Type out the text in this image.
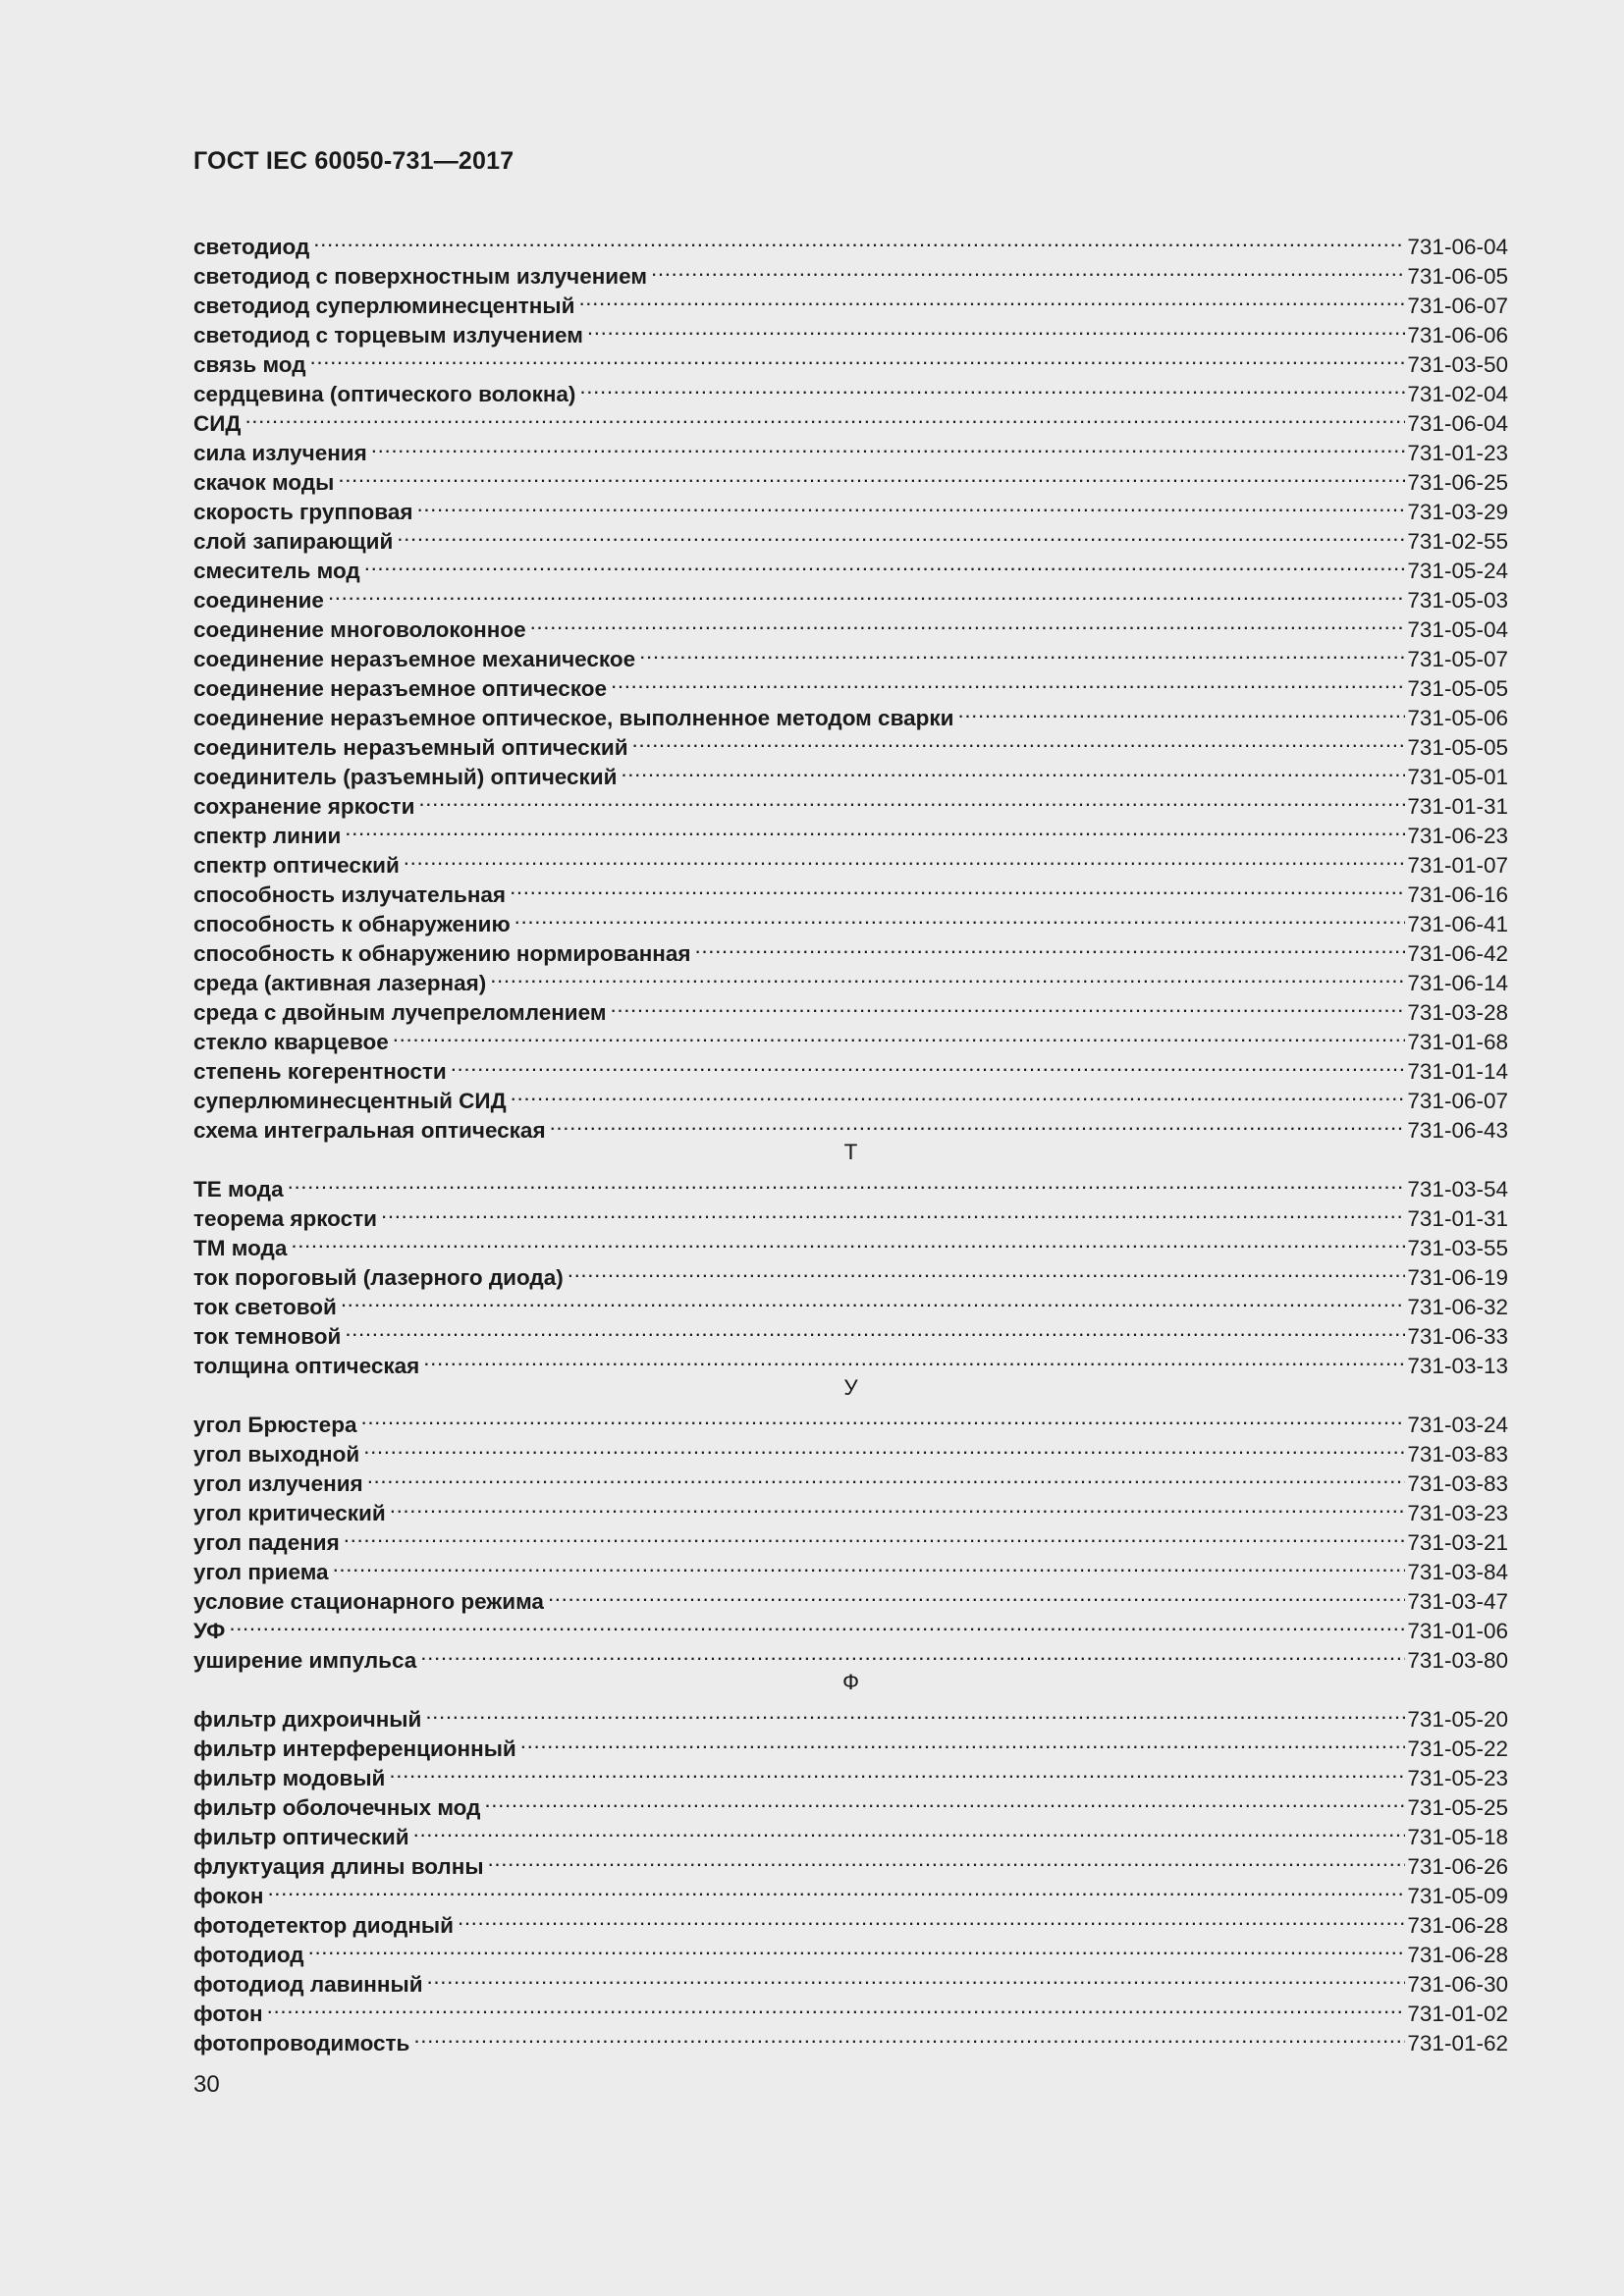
ГОСТ IEC 60050-731—2017
светодиод .....	731-06-04
светодиод с поверхностным излучением .....	731-06-05
светодиод суперлюминесцентный .....	731-06-07
светодиод с торцевым излучением .....	731-06-06
связь мод .....	731-03-50
сердцевина (оптического волокна) .....	731-02-04
СИД .....	731-06-04
сила излучения .....	731-01-23
скачок моды .....	731-06-25
скорость групповая .....	731-03-29
слой запирающий .....	731-02-55
смеситель мод .....	731-05-24
соединение .....	731-05-03
соединение многоволоконное .....	731-05-04
соединение неразъемное механическое .....	731-05-07
соединение неразъемное оптическое .....	731-05-05
соединение неразъемное оптическое, выполненное методом сварки .....	731-05-06
соединитель неразъемный оптический .....	731-05-05
соединитель (разъемный) оптический .....	731-05-01
сохранение яркости .....	731-01-31
спектр линии .....	731-06-23
спектр оптический .....	731-01-07
способность излучательная .....	731-06-16
способность к обнаружению .....	731-06-41
способность к обнаружению нормированная .....	731-06-42
среда (активная лазерная) .....	731-06-14
среда с двойным лучепреломлением .....	731-03-28
стекло кварцевое .....	731-01-68
степень когерентности .....	731-01-14
суперлюминесцентный СИД .....	731-06-07
схема интегральная оптическая .....	731-06-43
Т
ТЕ мода .....	731-03-54
теорема яркости .....	731-01-31
ТМ мода .....	731-03-55
ток пороговый (лазерного диода) .....	731-06-19
ток световой .....	731-06-32
ток темновой .....	731-06-33
толщина оптическая .....	731-03-13
У
угол Брюстера .....	731-03-24
угол выходной .....	731-03-83
угол излучения .....	731-03-83
угол критический .....	731-03-23
угол падения .....	731-03-21
угол приема .....	731-03-84
условие стационарного режима .....	731-03-47
УФ .....	731-01-06
уширение импульса .....	731-03-80
Ф
фильтр дихроичный .....	731-05-20
фильтр интерференционный .....	731-05-22
фильтр модовый .....	731-05-23
фильтр оболочечных мод .....	731-05-25
фильтр оптический .....	731-05-18
флуктуация длины волны .....	731-06-26
фокон .....	731-05-09
фотодетектор диодный .....	731-06-28
фотодиод .....	731-06-28
фотодиод лавинный .....	731-06-30
фотон .....	731-01-02
фотопроводимость .....	731-01-62
30
